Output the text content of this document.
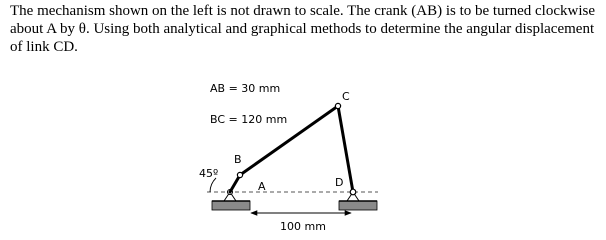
The mechanism shown on the left is not drawn to scale. The crank (AB) is to be turned clockwise about A by θ. Using both analytical and graphical methods to determine the angular displacement of link CD.

AB = 30 mm
BC = 120 mm
45º
B
C
D
A
100 mm
